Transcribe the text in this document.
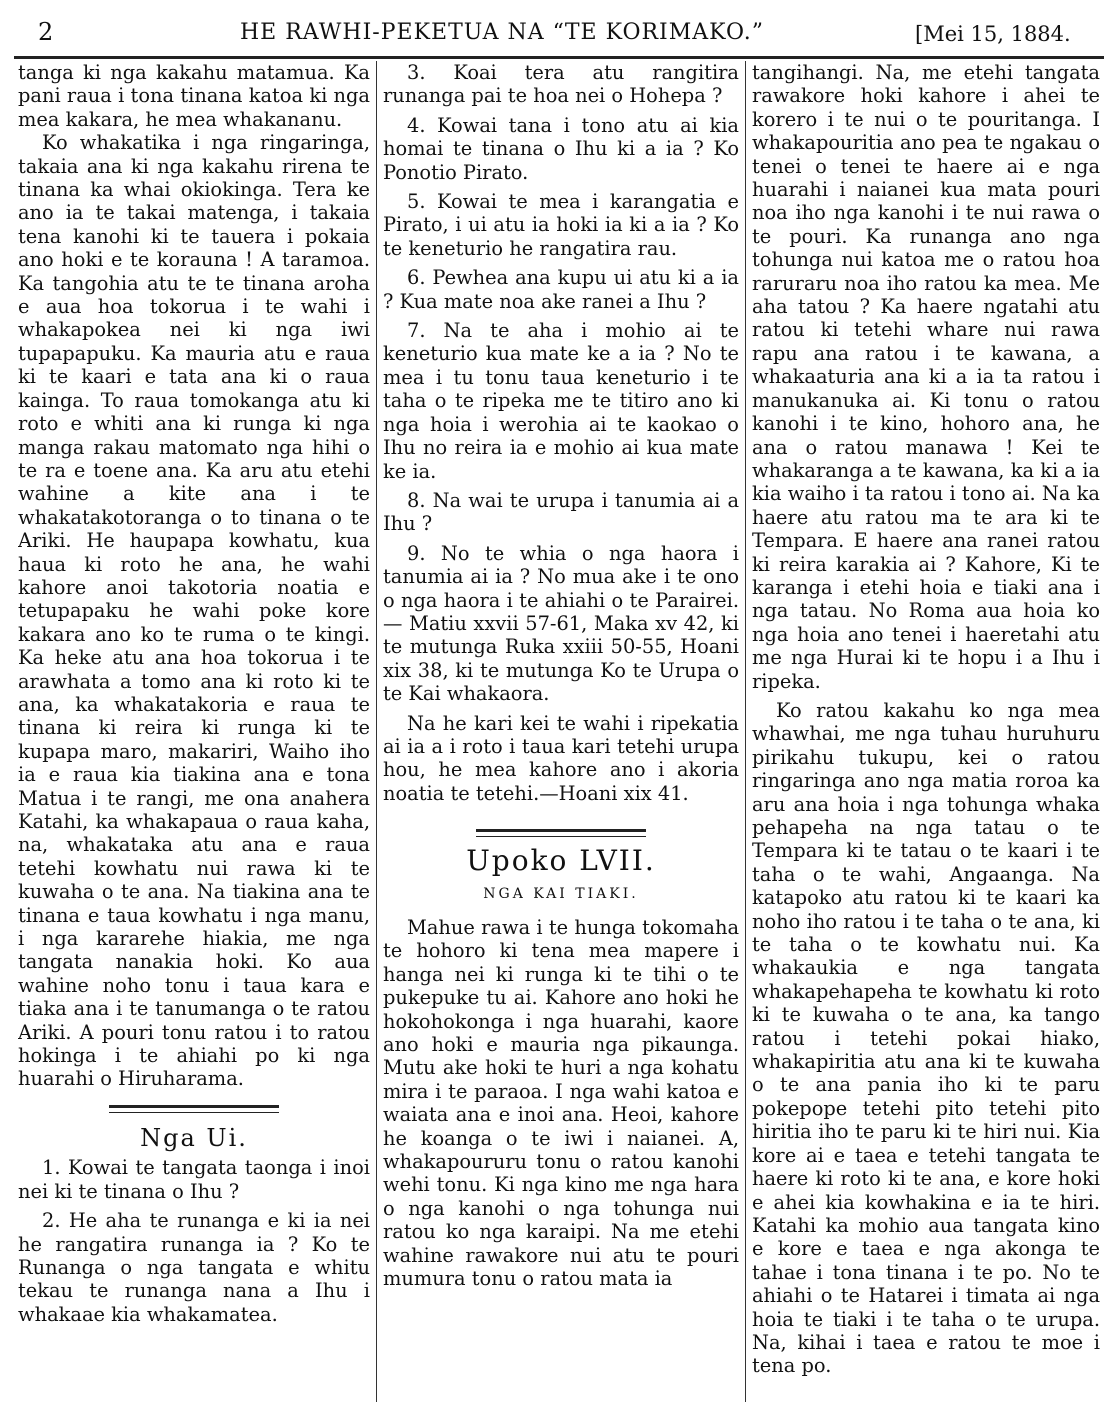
2	HE RAWHI-PEKETUA NA “TE KORIMAKO.”	[Mei 15, 1884.

tanga ki nga kakahu matamua. Ka pani raua i tona tinana katoa ki nga mea kakara, he mea whakananu.

Ko whakatika i nga ringaringa, takaia ana ki nga kakahu rirena te tinana ka whai okiokinga. Tera ke ano ia te takai matenga, i takaia tena kanohi ki te tauera i pokaia ano hoki e te korauna ! A taramoa. Ka tangohia atu te te tinana aroha e aua hoa tokorua i te wahi i whakapokea nei ki nga iwi tupapapuku. Ka mauria atu e raua ki te kaari e tata ana ki o raua kainga. To raua tomokanga atu ki roto e whiti ana ki runga ki nga manga rakau matomato nga hihi o te ra e toene ana. Ka aru atu etehi wahine a kite ana i te whakatakotoranga o to tinana o te Ariki. He haupapa kowhatu, kua haua ki roto he ana, he wahi kahore anoi takotoria noatia e tetupapaku he wahi poke kore kakara ano ko te ruma o te kingi. Ka heke atu ana hoa tokorua i te arawhata a tomo ana ki roto ki te ana, ka whakatakoria e raua te tinana ki reira ki runga ki te kupapa maro, makariri, Waiho iho ia e raua kia tiakina ana e tona Matua i te rangi, me ona anahera Katahi, ka whakapaua o raua kaha, na, whakataka atu ana e raua tetehi kowhatu nui rawa ki te kuwaha o te ana. Na tiakina ana te tinana e taua kowhatu i nga manu, i nga kararehe hiakia, me nga tangata nanakia hoki. Ko aua wahine noho tonu i taua kara e tiaka ana i te tanumanga o te ratou Ariki. A pouri tonu ratou i to ratou hokinga i te ahiahi po ki nga huarahi o Hiruharama.

Nga Ui.

1. Kowai te tangata taonga i inoi nei ki te tinana o Ihu ?

2. He aha te runanga e ki ia nei he rangatira runanga ia ? Ko te Runanga o nga tangata e whitu tekau te runanga nana a Ihu i whakaae kia whakamatea.

3. Koai tera atu rangitira runanga pai te hoa nei o Hohepa ?

4. Kowai tana i tono atu ai kia homai te tinana o Ihu ki a ia ? Ko Ponotio Pirato.

5. Kowai te mea i karangatia e Pirato, i ui atu ia hoki ia ki a ia ? Ko te keneturio he rangatira rau.

6. Pewhea ana kupu ui atu ki a ia ? Kua mate noa ake ranei a Ihu ?

7. Na te aha i mohio ai te keneturio kua mate ke a ia ? No te mea i tu tonu taua keneturio i te taha o te ripeka me te titiro ano ki nga hoia i werohia ai te kaokao o Ihu no reira ia e mohio ai kua mate ke ia.

8. Na wai te urupa i tanumia ai a Ihu ?

9. No te whia o nga haora i tanumia ai ia ? No mua ake i te ono o nga haora i te ahiahi o te Parairei. — Matiu xxvii 57-61, Maka xv 42, ki te mutunga Ruka xxiii 50-55, Hoani xix 38, ki te mutunga Ko te Urupa o te Kai whakaora.

Na he kari kei te wahi i ripekatia ai ia a i roto i taua kari tetehi urupa hou, he mea kahore ano i akoria noatia te tetehi.—Hoani xix 41.

Upoko LVII.
NGA KAI TIAKI.

Mahue rawa i te hunga tokomaha te hohoro ki tena mea mapere i hanga nei ki runga ki te tihi o te pukepuke tu ai. Kahore ano hoki he hokohokonga i nga huarahi, kaore ano hoki e mauria nga pikaunga. Mutu ake hoki te huri a nga kohatu mira i te paraoa. I nga wahi katoa e waiata ana e inoi ana. Heoi, kahore he koanga o te iwi i naianei. A, whakapoururu tonu o ratou kanohi wehi tonu. Ki nga kino me nga hara o nga kanohi o nga tohunga nui ratou ko nga karaipi. Na me etehi wahine rawakore nui atu te pouri mumura tonu o ratou mata ia

tangihangi. Na, me etehi tangata rawakore hoki kahore i ahei te korero i te nui o te pouritanga. I whakapouritia ano pea te ngakau o tenei o tenei te haere ai e nga huarahi i naianei kua mata pouri noa iho nga kanohi i te nui rawa o te pouri. Ka runanga ano nga tohunga nui katoa me o ratou hoa raruraru noa iho ratou ka mea. Me aha tatou ? Ka haere ngatahi atu ratou ki tetehi whare nui rawa rapu ana ratou i te kawana, a whakaaturia ana ki a ia ta ratou i manukanuka ai. Ki tonu o ratou kanohi i te kino, hohoro ana, he ana o ratou manawa ! Kei te whakaranga a te kawana, ka ki a ia kia waiho i ta ratou i tono ai. Na ka haere atu ratou ma te ara ki te Tempara. E haere ana ranei ratou ki reira karakia ai ? Kahore, Ki te karanga i etehi hoia e tiaki ana i nga tatau. No Roma aua hoia ko nga hoia ano tenei i haeretahi atu me nga Hurai ki te hopu i a Ihu i ripeka.

Ko ratou kakahu ko nga mea whawhai, me nga tuhau huruhuru pirikahu tukupu, kei o ratou ringaringa ano nga matia roroa ka aru ana hoia i nga tohunga whaka pehapeha na nga tatau o te Tempara ki te tatau o te kaari i te taha o te wahi, Angaanga. Na katapoko atu ratou ki te kaari ka noho iho ratou i te taha o te ana, ki te taha o te kowhatu nui. Ka whakaukia e nga tangata whakapehapeha te kowhatu ki roto ki te kuwaha o te ana, ka tango ratou i tetehi pokai hiako, whakapiritia atu ana ki te kuwaha o te ana pania iho ki te paru pokepope tetehi pito tetehi pito hiritia iho te paru ki te hiri nui. Kia kore ai e taea e tetehi tangata te haere ki roto ki te ana, e kore hoki e ahei kia kowhakina e ia te hiri. Katahi ka mohio aua tangata kino e kore e taea e nga akonga te tahae i tona tinana i te po. No te ahiahi o te Hatarei i timata ai nga hoia te tiaki i te taha o te urupa. Na, kihai i taea e ratou te moe i tena po.
